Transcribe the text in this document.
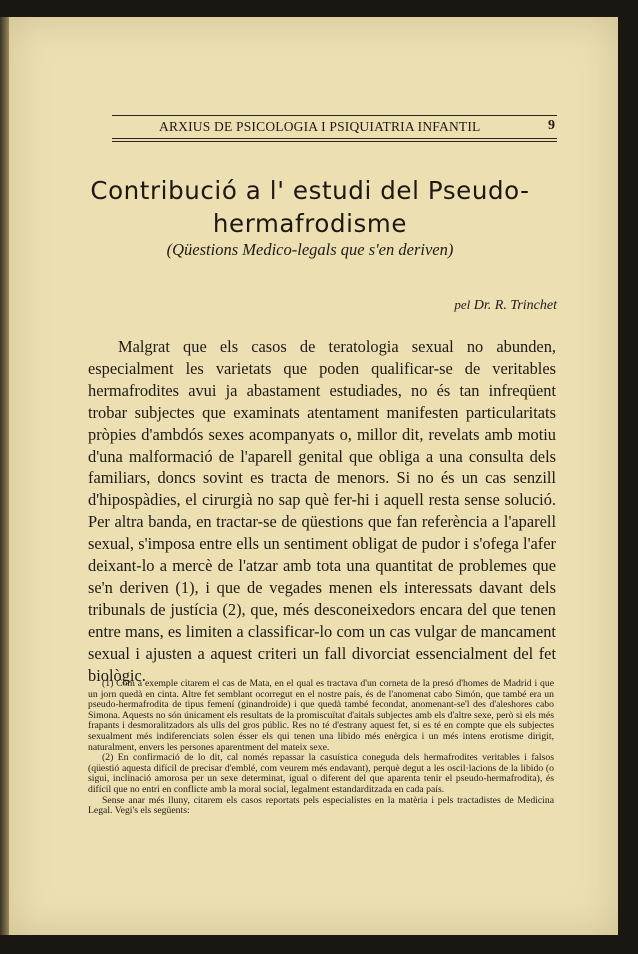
ARXIUS DE PSICOLOGIA I PSIQUIATRIA INFANTIL	9
Contribució a l' estudi del Pseudo-
hermafrodisme
(Qüestions Medico-legals que s'en deriven)
pel Dr. R. Trinchet

Malgrat que els casos de teratologia sexual no abunden, especialment les varietats que poden qualificar-se de veritables hermafrodites avui ja abastament estudiades, no és tan infreqüent trobar subjectes que examinats atentament manifesten particularitats pròpies d'ambdós sexes acompanyats o, millor dit, revelats amb motiu d'una malformació de l'aparell genital que obliga a una consulta dels familiars, doncs sovint es tracta de menors. Si no és un cas senzill d'hipospàdies, el cirurgià no sap què fer-hi i aquell resta sense solució. Per altra banda, en tractar-se de qüestions que fan referència a l'aparell sexual, s'imposa entre ells un sentiment obligat de pudor i s'ofega l'afer deixant-lo a mercè de l'atzar amb tota una quantitat de problemes que se'n deriven (1), i que de vegades menen els interessats davant dels tribunals de justícia (2), que, més desconeixedors encara del que tenen entre mans, es limiten a classificar-lo com un cas vulgar de mancament sexual i ajusten a aquest criteri un fall divorciat essencialment del fet biològic.

(1) Com a exemple citarem el cas de Mata, en el qual es tractava d'un corneta de la presó d'homes de Madrid i que un jorn quedà en cinta. Altre fet semblant ocorregut en el nostre país, és de l'anomenat cabo Simón, que també era un pseudo-hermafrodita de tipus femení (ginandroide) i que quedà també fecondat, anomenant-se'l des d'aleshores cabo Simona. Aquests no són únicament els resultats de la promiscuïtat d'aitals subjectes amb els d'altre sexe, però si els més frapants i desmoralitzadors als ulls del gros públic. Res no té d'estrany aquest fet, si es té en compte que els subjectes sexualment més indiferenciats solen ésser els qui tenen una libido més enèrgica i un més intens erotisme dirigit, naturalment, envers les persones aparentment del mateix sexe.

(2) En confirmació de lo dit, cal només repassar la casuística coneguda dels hermafrodites veritables i falsos (qüestió aquesta difícil de precisar d'emblé, com veurem més endavant), perquè degut a les oscil·lacions de la libido (o sigui, inclinació amorosa per un sexe determinat, igual o diferent del que aparenta tenir el pseudo-hermafrodita), és difícil que no entri en conflicte amb la moral social, legalment estandarditzada en cada país.

Sense anar més lluny, citarem els casos reportats pels especialistes en la matèria i pels tractadistes de Medicina Legal. Vegi's els següents:
